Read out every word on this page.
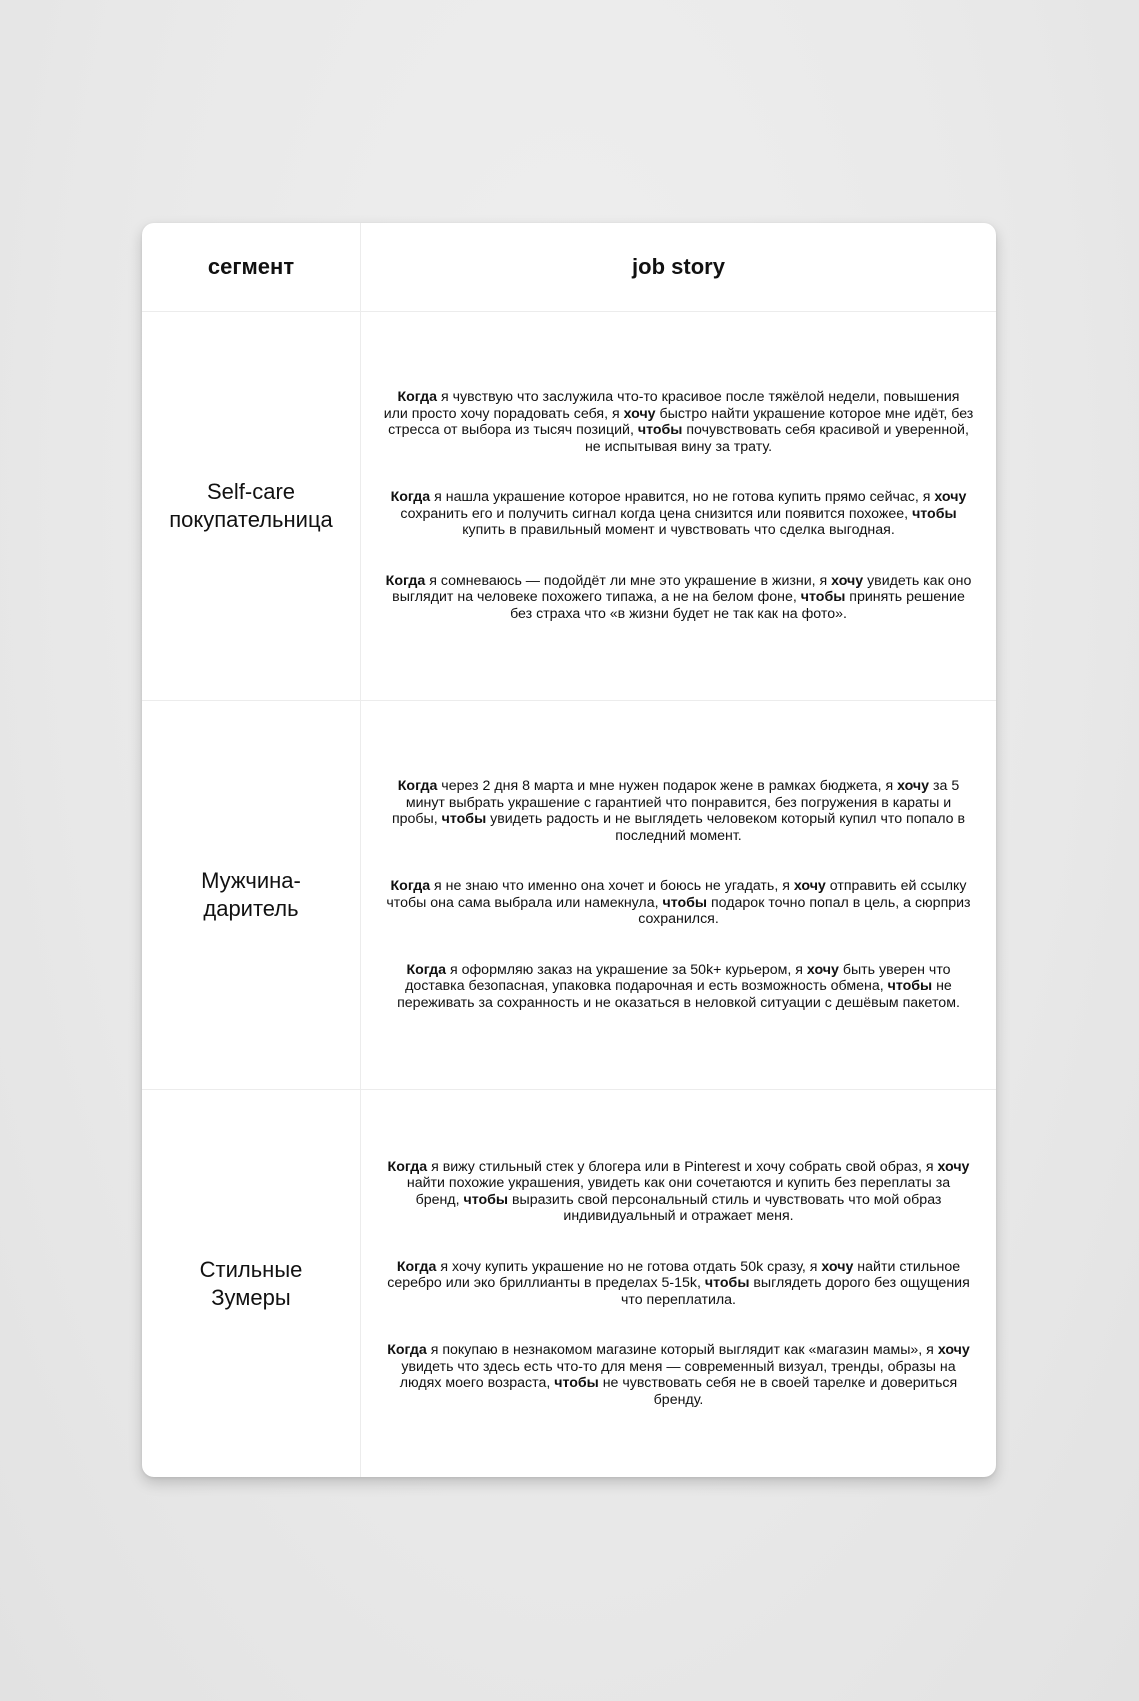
сегмент	job story
Self-care покупательница

Когда я чувствую что заслужила что-то красивое после тяжёлой недели, повышения или просто хочу порадовать себя, я хочу быстро найти украшение которое мне идёт, без стресса от выбора из тысяч позиций, чтобы почувствовать себя красивой и уверенной, не испытывая вину за трату.

Когда я нашла украшение которое нравится, но не готова купить прямо сейчас, я хочу сохранить его и получить сигнал когда цена снизится или появится похожее, чтобы купить в правильный момент и чувствовать что сделка выгодная.

Когда я сомневаюсь — подойдёт ли мне это украшение в жизни, я хочу увидеть как оно выглядит на человеке похожего типажа, а не на белом фоне, чтобы принять решение без страха что «в жизни будет не так как на фото».

Мужчина-даритель

Когда через 2 дня 8 марта и мне нужен подарок жене в рамках бюджета, я хочу за 5 минут выбрать украшение с гарантией что понравится, без погружения в караты и пробы, чтобы увидеть радость и не выглядеть человеком который купил что попало в последний момент.

Когда я не знаю что именно она хочет и боюсь не угадать, я хочу отправить ей ссылку чтобы она сама выбрала или намекнула, чтобы подарок точно попал в цель, а сюрприз сохранился.

Когда я оформляю заказ на украшение за 50k+ курьером, я хочу быть уверен что доставка безопасная, упаковка подарочная и есть возможность обмена, чтобы не переживать за сохранность и не оказаться в неловкой ситуации с дешёвым пакетом.

Стильные Зумеры

Когда я вижу стильный стек у блогера или в Pinterest и хочу собрать свой образ, я хочу найти похожие украшения, увидеть как они сочетаются и купить без переплаты за бренд, чтобы выразить свой персональный стиль и чувствовать что мой образ индивидуальный и отражает меня.

Когда я хочу купить украшение но не готова отдать 50k сразу, я хочу найти стильное серебро или эко бриллианты в пределах 5-15k, чтобы выглядеть дорого без ощущения что переплатила.

Когда я покупаю в незнакомом магазине который выглядит как «магазин мамы», я хочу увидеть что здесь есть что-то для меня — современный визуал, тренды, образы на людях моего возраста, чтобы не чувствовать себя не в своей тарелке и довериться бренду.
